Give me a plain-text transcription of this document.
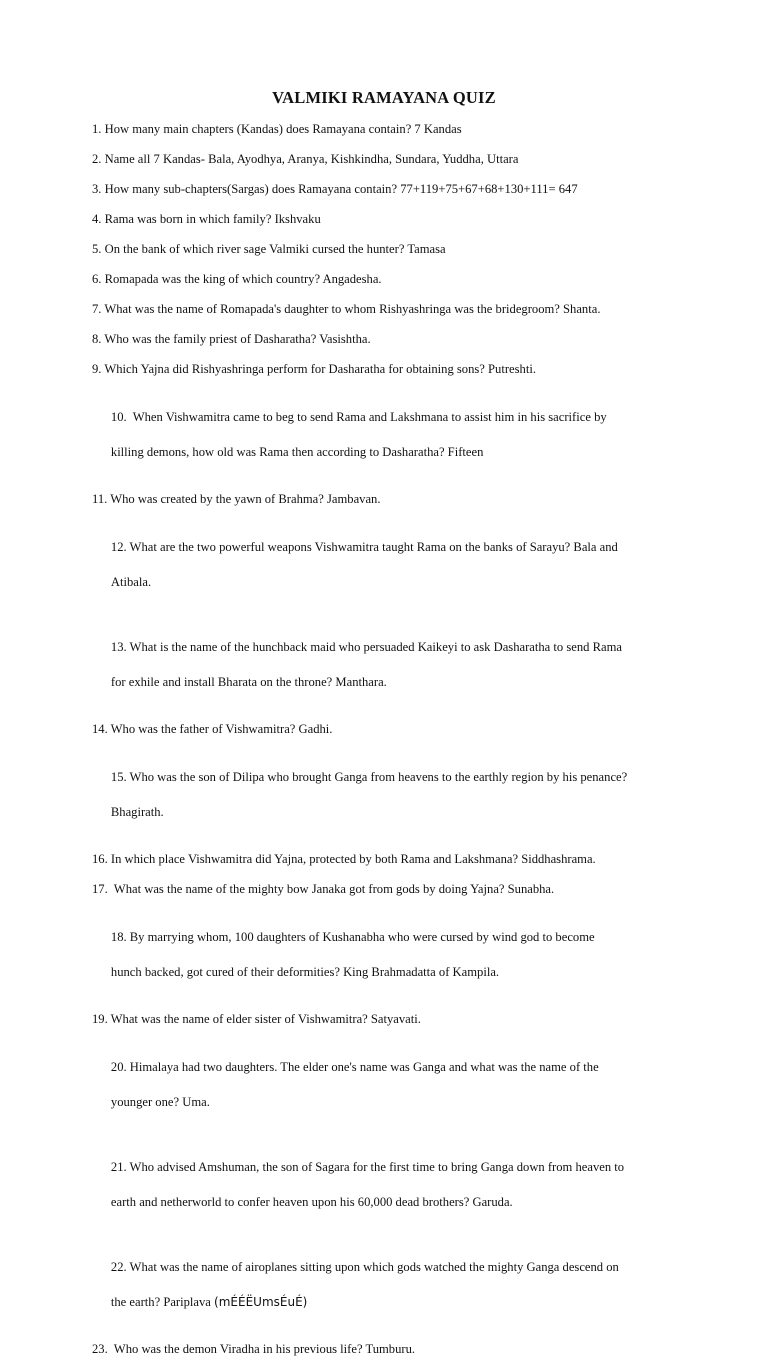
VALMIKI RAMAYANA QUIZ
1. How many main chapters (Kandas) does Ramayana contain? 7 Kandas
2. Name all 7 Kandas- Bala, Ayodhya, Aranya, Kishkindha, Sundara, Yuddha, Uttara
3. How many sub-chapters(Sargas) does Ramayana contain? 77+119+75+67+68+130+111= 647
4. Rama was born in which family? Ikshvaku
5. On the bank of which river sage Valmiki cursed the hunter? Tamasa
6. Romapada was the king of which country? Angadesha.
7. What was the name of Romapada's daughter to whom Rishyashringa was the bridegroom? Shanta.
8. Who was the family priest of Dasharatha? Vasishtha.
9. Which Yajna did Rishyashringa perform for Dasharatha for obtaining sons? Putreshti.

10.  When Vishwamitra came to beg to send Rama and Lakshmana to assist him in his sacrifice by

killing demons, how old was Rama then according to Dasharatha? Fifteen

11. Who was created by the yawn of Brahma? Jambavan.

12. What are the two powerful weapons Vishwamitra taught Rama on the banks of Sarayu? Bala and

Atibala.

13. What is the name of the hunchback maid who persuaded Kaikeyi to ask Dasharatha to send Rama

for exhile and install Bharata on the throne? Manthara.

14. Who was the father of Vishwamitra? Gadhi.

15. Who was the son of Dilipa who brought Ganga from heavens to the earthly region by his penance?

Bhagirath.

16. In which place Vishwamitra did Yajna, protected by both Rama and Lakshmana? Siddhashrama.
17.  What was the name of the mighty bow Janaka got from gods by doing Yajna? Sunabha.

18. By marrying whom, 100 daughters of Kushanabha who were cursed by wind god to become

hunch backed, got cured of their deformities? King Brahmadatta of Kampila.

19. What was the name of elder sister of Vishwamitra? Satyavati.

20. Himalaya had two daughters. The elder one's name was Ganga and what was the name of the

younger one? Uma.

21. Who advised Amshuman, the son of Sagara for the first time to bring Ganga down from heaven to

earth and netherworld to confer heaven upon his 60,000 dead brothers? Garuda.

22. What was the name of airoplanes sitting upon which gods watched the mighty Ganga descend on

the earth? Pariplava (mÉÉËUmsÉuÉ)

23.  Who was the demon Viradha in his previous life? Tumburu.
